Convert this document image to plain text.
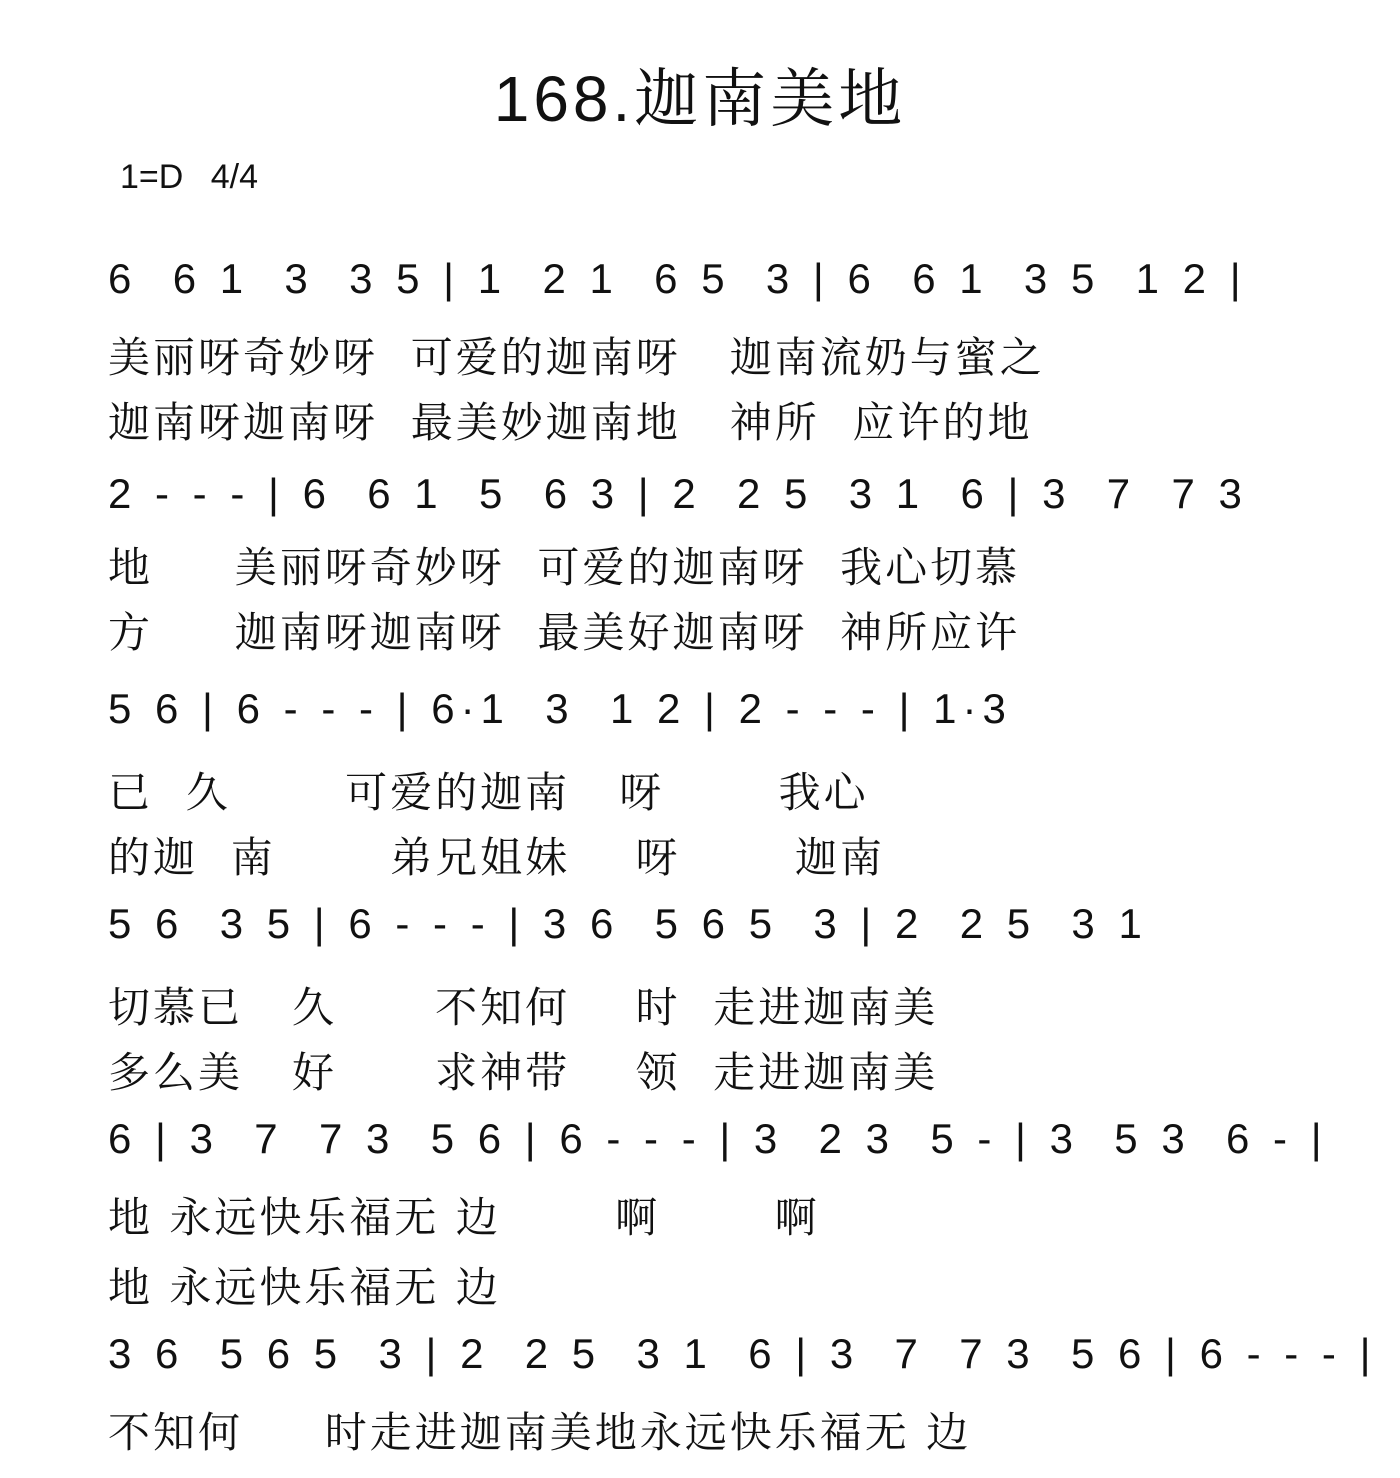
168.迦南美地
1=D 4/4
6  6 1  3  3 5 | 1  2 1  6 5  3 | 6  6 1  3 5  1 2 |
美丽呀奇妙呀  可爱的迦南呀   迦南流奶与蜜之
迦南呀迦南呀  最美妙迦南地   神所  应许的地
2 - - - | 6  6 1  5  6 3 | 2  2 5  3 1  6 | 3  7  7 3
地     美丽呀奇妙呀  可爱的迦南呀  我心切慕
方     迦南呀迦南呀  最美好迦南呀  神所应许
5 6 | 6 - - - | 6·1  3  1 2 | 2 - - - | 1·3
已  久       可爱的迦南   呀       我心
的迦  南       弟兄姐妹    呀       迦南
5 6  3 5 | 6 - - - | 3 6  5 6 5  3 | 2  2 5  3 1
切慕已   久      不知何    时  走进迦南美
多么美   好      求神带    领  走进迦南美
6 | 3  7  7 3  5 6 | 6 - - - | 3  2 3  5 - | 3  5 3  6 - |
地 永远快乐福无 边       啊       啊
地 永远快乐福无 边
3 6  5 6 5  3 | 2  2 5  3 1  6 | 3  7  7 3  5 6 | 6 - - - |
不知何     时走进迦南美地永远快乐福无 边
